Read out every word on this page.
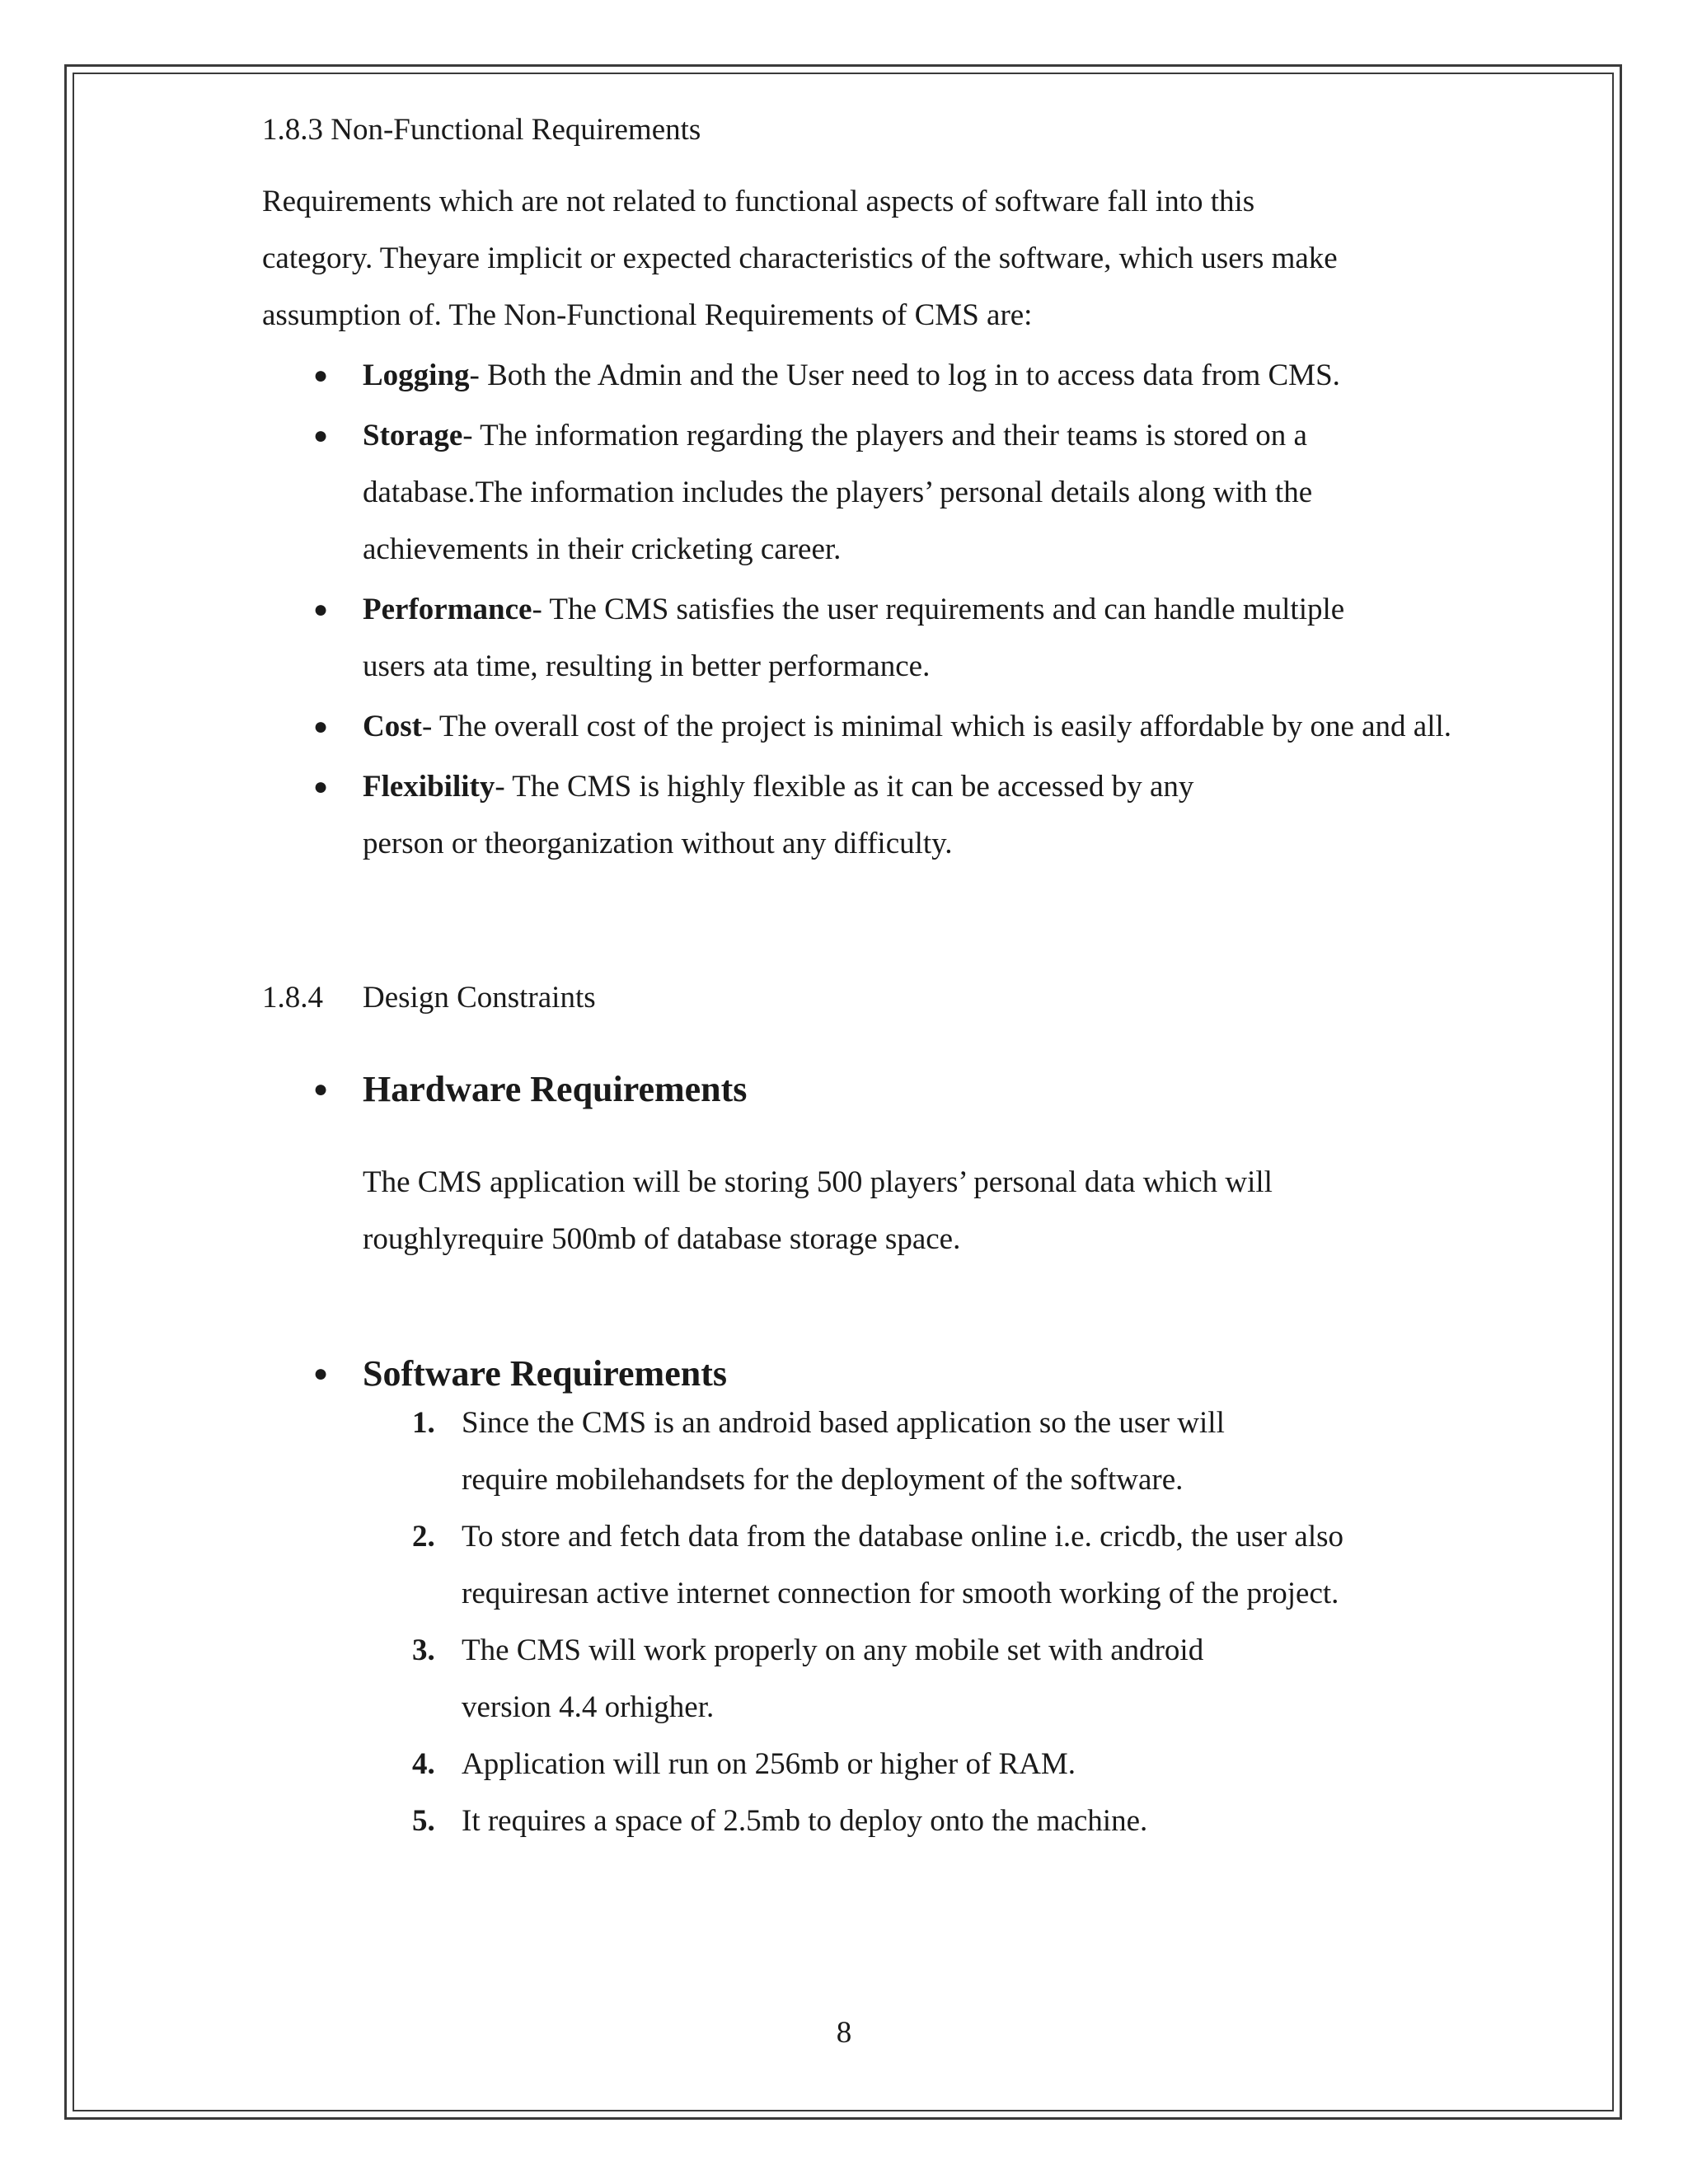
1.8.3 Non-Functional Requirements
Requirements which are not related to functional aspects of software fall into this
category. Theyare implicit or expected characteristics of the software, which users make
assumption of. The Non-Functional Requirements of CMS are:
● Logging- Both the Admin and the User need to log in to access data from CMS.
● Storage- The information regarding the players and their teams is stored on a
database.The information includes the players’ personal details along with the
achievements in their cricketing career.
● Performance- The CMS satisfies the user requirements and can handle multiple
users ata time, resulting in better performance.
● Cost- The overall cost of the project is minimal which is easily affordable by one and all.
● Flexibility- The CMS is highly flexible as it can be accessed by any
person or theorganization without any difficulty.
1.8.4	Design Constraints
● Hardware Requirements
The CMS application will be storing 500 players’ personal data which will
roughlyrequire 500mb of database storage space.
● Software Requirements
1. Since the CMS is an android based application so the user will
require mobilehandsets for the deployment of the software.
2. To store and fetch data from the database online i.e. cricdb, the user also
requiresan active internet connection for smooth working of the project.
3. The CMS will work properly on any mobile set with android
version 4.4 orhigher.
4. Application will run on 256mb or higher of RAM.
5. It requires a space of 2.5mb to deploy onto the machine.
8
